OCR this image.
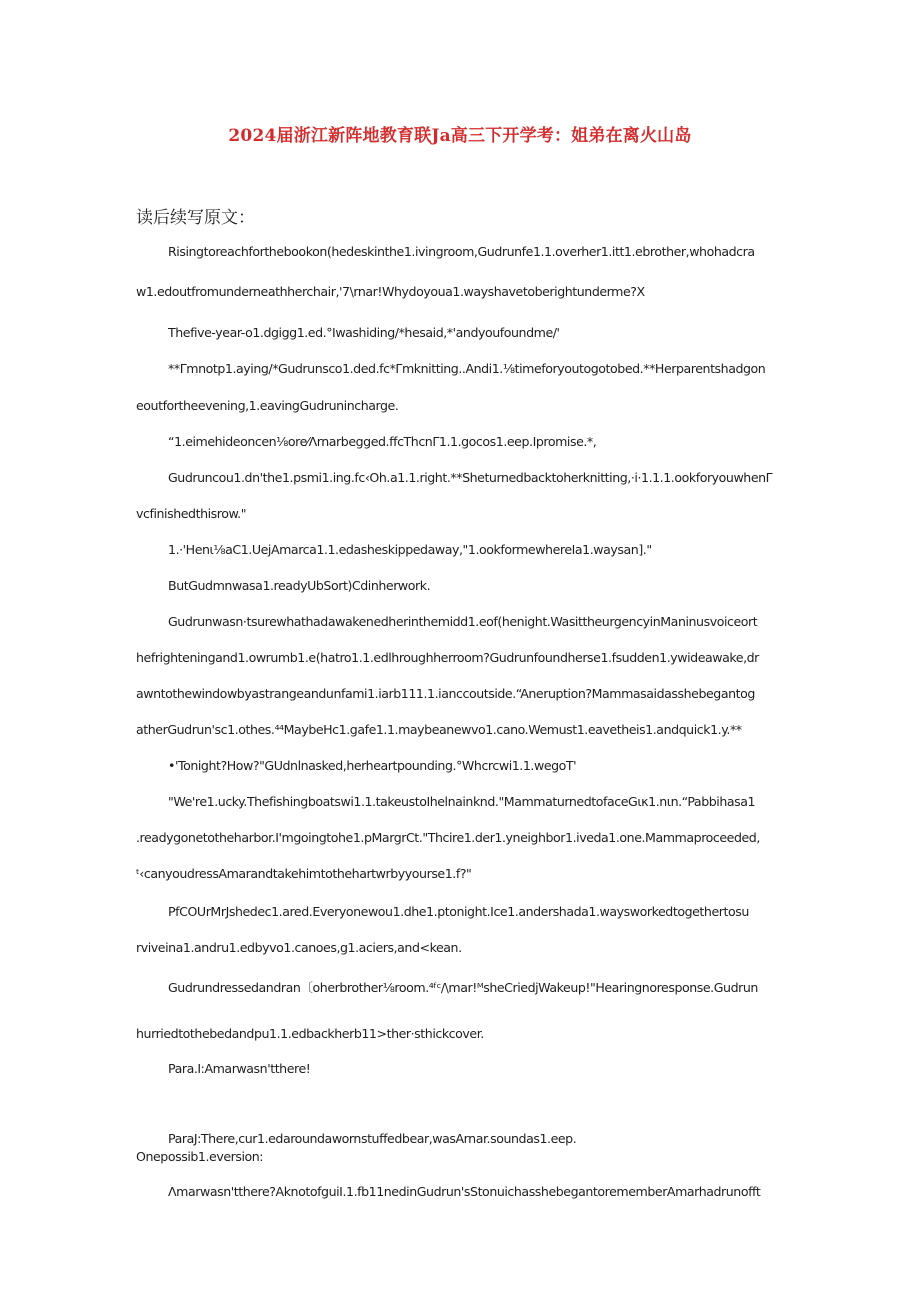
2024届浙江新阵地教育联Ja高三下开学考：姐弟在离火山岛
读后续写原文：
Risingtoreachforthebookon(hedeskinthe1.ivingroom,Gudrunfe1.1.overher1.itt1.ebrother,whohadcra
w1.edoutfromunderneathherchair,'7\rnar!Whydoyoua1.wayshavetoberightunderme?X
Thefive-year-o1.dgigg1.ed.°Iwashiding/*hesaid,*'andyoufoundme/'
**Γmnotp1.aying/*Gudrunsco1.ded.fc*Γmknitting..Andi1.⅛timeforyoutogotobed.**Herparentshadgon
eoutfortheevening,1.eavingGudrunincharge.
“1.eimehideoncen⅛ore⁄Λrnarbegged.ffcThcnΓ1.1.gocos1.eep.Ipromise.*,
Gudruncou1.dn'the1.psmi1.ing.fc‹Oh.a1.1.right.**Sheturnedbacktoherknitting,·i·1.1.1.ookforyouwhenΓ
vcfinishedthisrow."
1.·'Henι⅛aC1.UejAmarca1.1.edasheskippedaway,"1.ookformewhereIa1.waysan]."
ButGudmnwasa1.readyUbSort)Cdinherwork.
Gudrunwasn·tsurewhathadawakenedherinthemidd1.eof(henight.WasittheurgencyinManinusvoiceort
hefrighteningand1.owrumb1.e(hatro1.1.edlhroughherroom?Gudrunfoundherse1.fsudden1.ywideawake,dr
awntothewindowbyastrangeandunfami1.iarb111.1.ianccoutside.“Aneruption?Mammasaidasshebegantog
atherGudrun'sc1.othes.⁴⁴MaybeHc1.gafe1.1.maybeanewvo1.cano.Wemust1.eavetheis1.andquick1.y.**
•'Tonight?How?"GUdnlnasked,herheartpounding.°Whcrcwi1.1.wegoT'
"We're1.ucky.Thefishingboatswi1.1.takeustoIhelnainknd."MammaturnedtofaceGικ1.nιn.“Pabbihasa1
.readygonetotheharbor.I'mgoingtohe1.pMargrCt."Thcire1.der1.yneighbor1.iveda1.one.Mammaproceeded,
ᵗ‹canyoudressAmarandtakehimtothehartwrbyyourse1.f?"
PfCOUrMrJshedec1.ared.Everyonewou1.dhe1.ptonight.Ice1.andershada1.waysworkedtogethertosu
rviveina1.andru1.edbyvo1.canoes,g1.aciers,and<kean.
Gudrundressedandran〔oherbrother⅛room.⁴ᶠᶜ/\mar!ᴹsheCriedjWakeup!"Hearingnoresponse.Gudrun
hurriedtothebedandpu1.1.edbackherb11>ther·sthickcover.
Para.I:Amarwasn'tthere!
ParaJ:There,cur1.edaroundawornstuffedbear,wasArnar.soundas1.eep.
Onepossib1.eversion:
Λmarwasn'tthere?AknotofguiI.1.fb11nedinGudrun'sStonuichasshebegantorememberAmarhadrunofft
